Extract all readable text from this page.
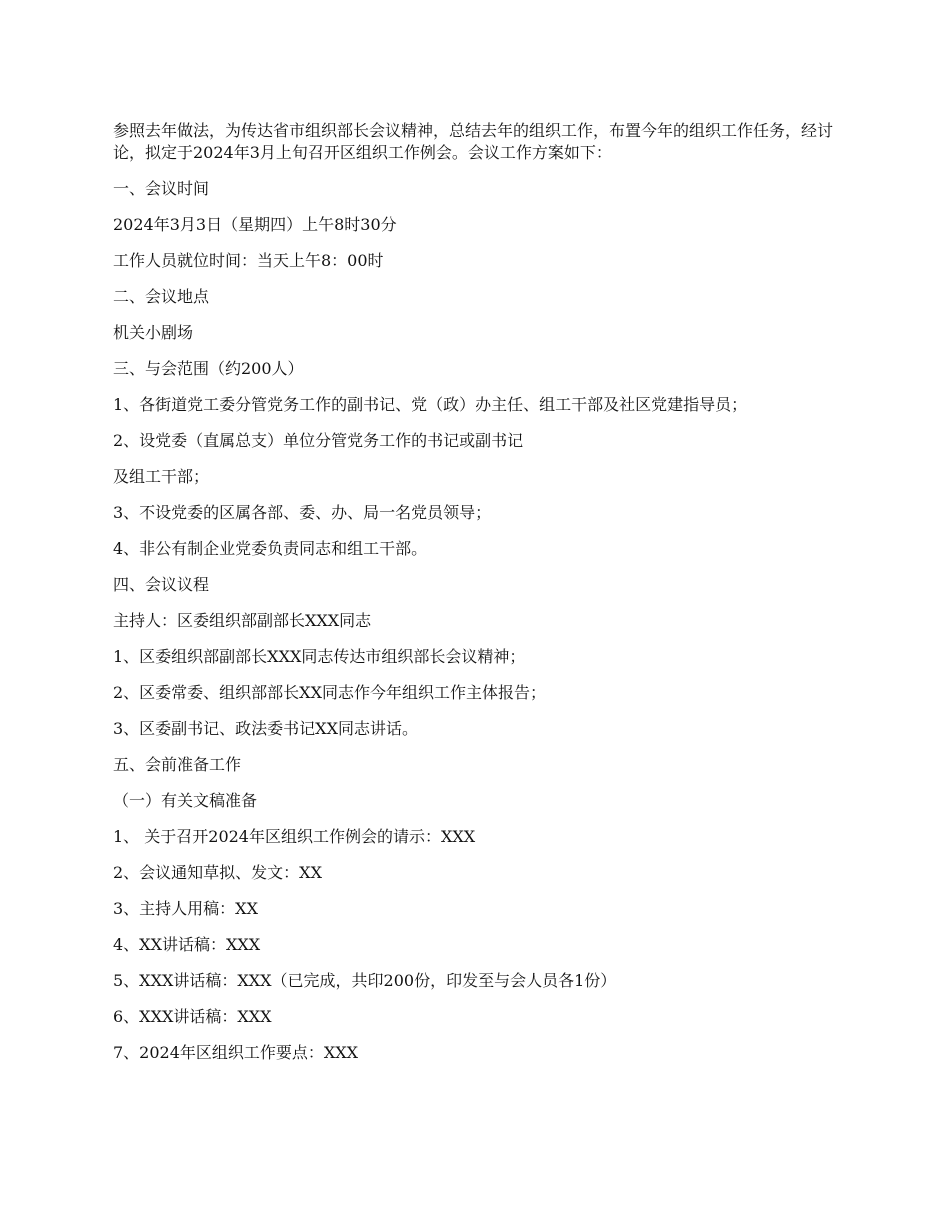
参照去年做法，为传达省市组织部长会议精神，总结去年的组织工作，布置今年的组织工作任务，经讨论，拟定于2024年3月上旬召开区组织工作例会。会议工作方案如下：

一、会议时间

2024年3月3日（星期四）上午8时30分

工作人员就位时间：当天上午8：00时

二、会议地点

机关小剧场

三、与会范围（约200人）

1、各街道党工委分管党务工作的副书记、党（政）办主任、组工干部及社区党建指导员；

2、设党委（直属总支）单位分管党务工作的书记或副书记

及组工干部；

3、不设党委的区属各部、委、办、局一名党员领导；

4、非公有制企业党委负责同志和组工干部。

四、会议议程

主持人：区委组织部副部长XXX同志

1、区委组织部副部长XXX同志传达市组织部长会议精神；

2、区委常委、组织部部长XX同志作今年组织工作主体报告；

3、区委副书记、政法委书记XX同志讲话。

五、会前准备工作

（一）有关文稿准备

1、 关于召开2024年区组织工作例会的请示：XXX

2、会议通知草拟、发文：XX

3、主持人用稿：XX

4、XX讲话稿：XXX

5、XXX讲话稿：XXX（已完成，共印200份，印发至与会人员各1份）

6、XXX讲话稿：XXX

7、2024年区组织工作要点：XXX
